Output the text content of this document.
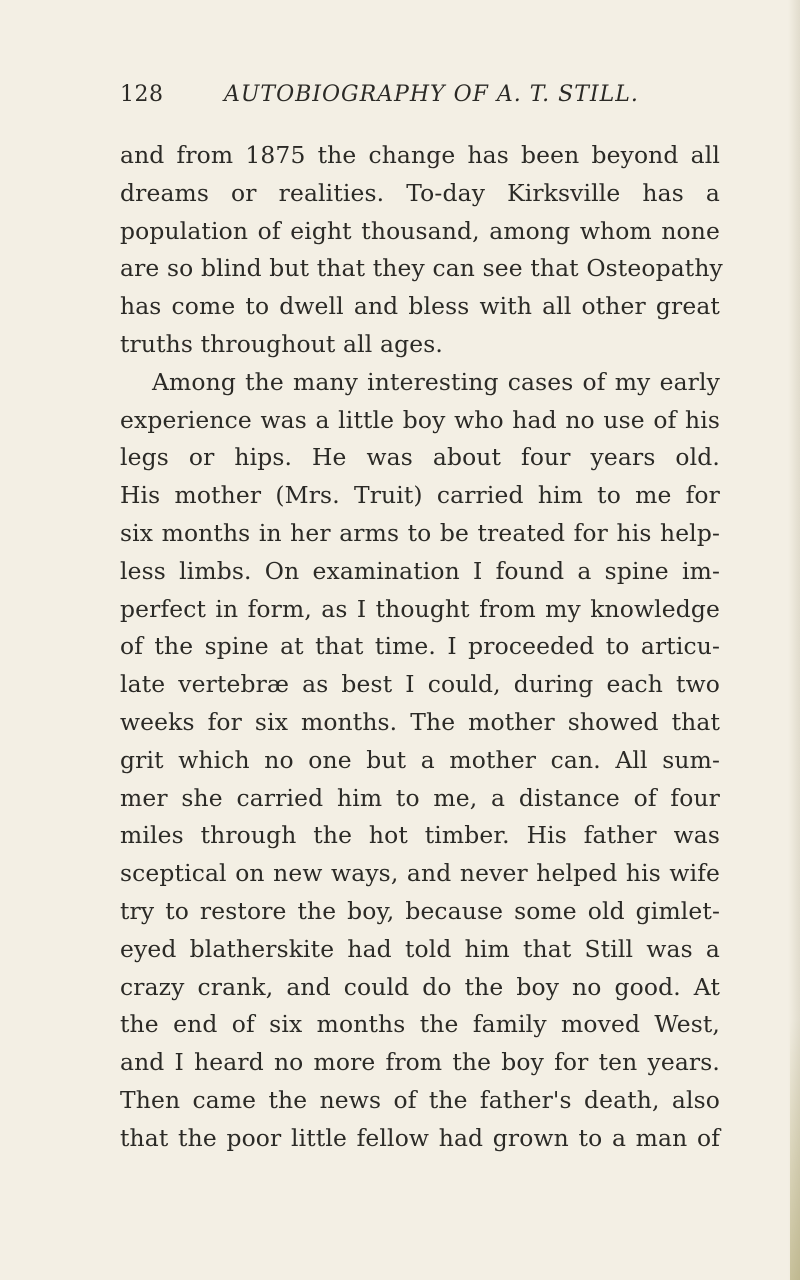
128	AUTOBIOGRAPHY OF A. T. STILL.
and from 1875 the change has been beyond all
dreams or realities. To-day Kirksville has a
population of eight thousand, among whom none
are so blind but that they can see that Osteopathy
has come to dwell and bless with all other great
truths throughout all ages.
Among the many interesting cases of my early
experience was a little boy who had no use of his
legs or hips. He was about four years old.
His mother (Mrs. Truit) carried him to me for
six months in her arms to be treated for his help-
less limbs. On examination I found a spine im-
perfect in form, as I thought from my knowledge
of the spine at that time. I proceeded to articu-
late vertebræ as best I could, during each two
weeks for six months. The mother showed that
grit which no one but a mother can. All sum-
mer she carried him to me, a distance of four
miles through the hot timber. His father was
sceptical on new ways, and never helped his wife
try to restore the boy, because some old gimlet-
eyed blatherskite had told him that Still was a
crazy crank, and could do the boy no good. At
the end of six months the family moved West,
and I heard no more from the boy for ten years.
Then came the news of the father's death, also
that the poor little fellow had grown to a man of
